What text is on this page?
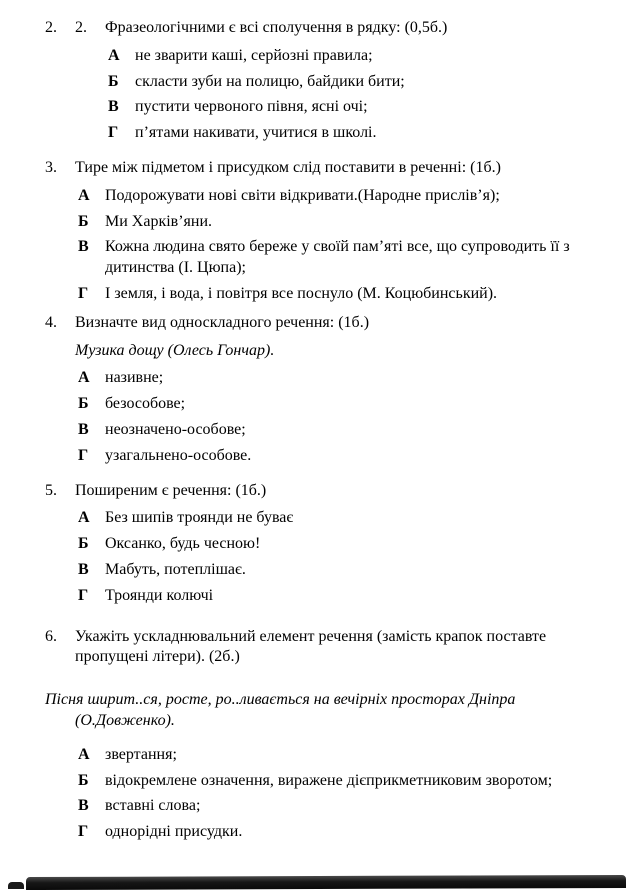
2.	2.	Фразеологічними є всі сполучення в рядку: (0,5б.)
А не зварити каші, серйозні правила;
Б	скласти зуби на полицю, байдики бити;
В	пустити червоного півня, ясні очі;
Г	п’ятами накивати, учитися в школі.
3.	Тире між підметом і присудком слід поставити в реченні: (1б.)
А Подорожувати нові світи відкривати.(Народне прислів’я);
Б	Ми Харків’яни.
В	Кожна людина свято береже у своїй пам’яті все, що супроводить її з дитинства (І. Цюпа);
Г	І земля, і вода, і повітря все поснуло (М. Коцюбинський).
4.	Визначте вид односкладного речення: (1б.)
Музика дощу (Олесь Гончар).
А називне;
Б	безособове;
В	неозначено-особове;
Г	узагальнено-особове.
5.	Поширеним є речення: (1б.)
А Без шипів троянди не буває
Б	Оксанко, будь чесною!
В	Мабуть, потеплішає.
Г	Троянди колючі
6.	Укажіть ускладнювальний елемент речення (замість крапок поставте пропущені літери). (2б.)
Пісня ширит..ся, росте, ро..ливається на вечірніх просторах Дніпра (О.Довженко).
А звертання;
Б	відокремлене означення, виражене дієприкметниковим зворотом;
В	вставні слова;
Г	однорідні присудки.
